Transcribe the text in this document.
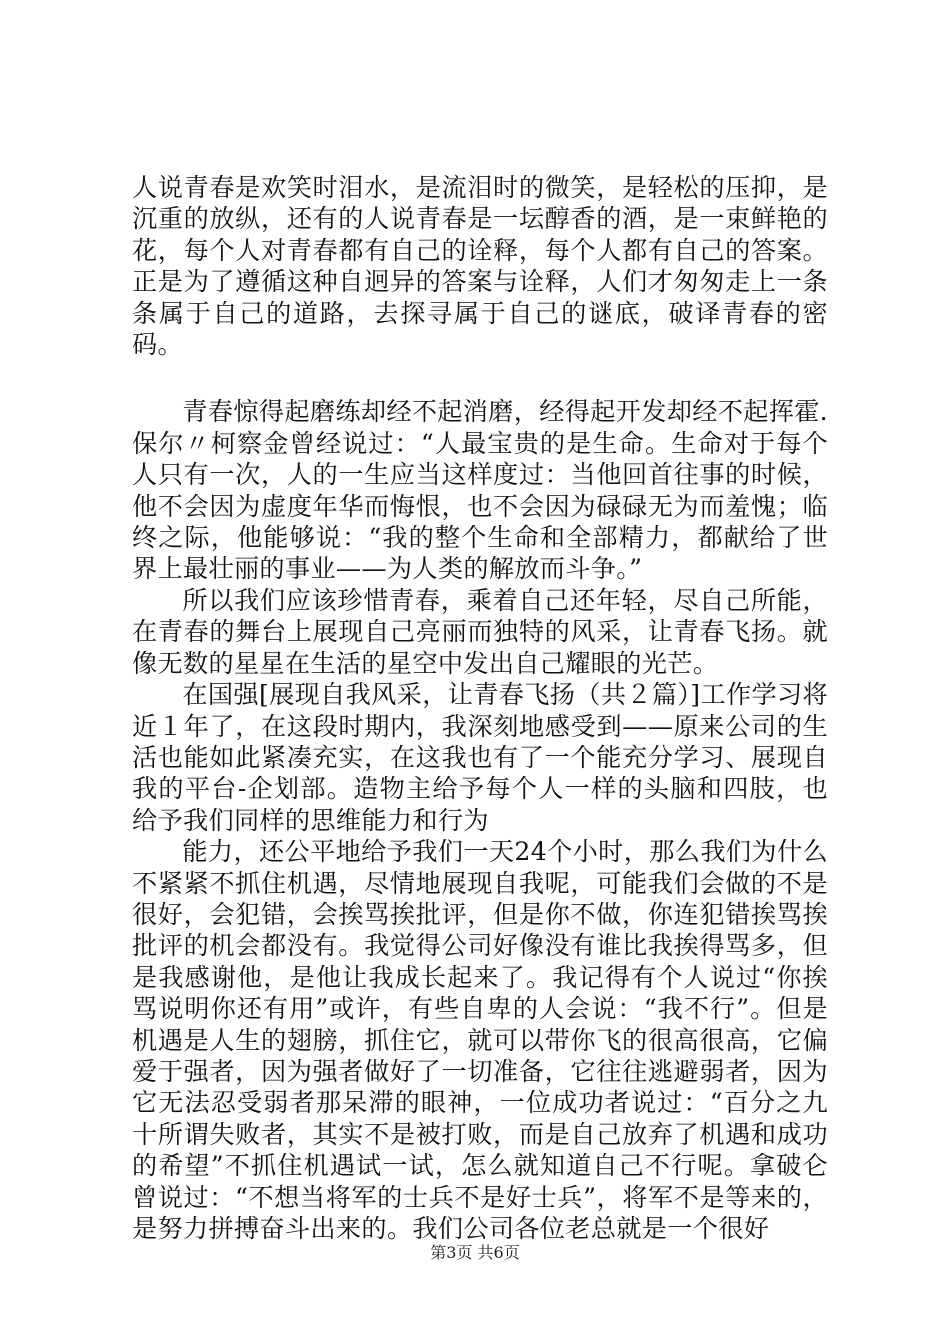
人说青春是欢笑时泪水，是流泪时的微笑，是轻松的压抑，是沉重的放纵，还有的人说青春是一坛醇香的酒，是一束鲜艳的花，每个人对青春都有自己的诠释，每个人都有自己的答案。正是为了遵循这种自迥异的答案与诠释，人们才匆匆走上一条条属于自己的道路，去探寻属于自己的谜底，破译青春的密码。

青春惊得起磨练却经不起消磨，经得起开发却经不起挥霍.保尔〃柯察金曾经说过：“人最宝贵的是生命。生命对于每个人只有一次，人的一生应当这样度过：当他回首往事的时候，他不会因为虚度年华而悔恨，也不会因为碌碌无为而羞愧；临终之际，他能够说：“我的整个生命和全部精力，都献给了世界上最壮丽的事业——为人类的解放而斗争。”

所以我们应该珍惜青春，乘着自己还年轻，尽自己所能，在青春的舞台上展现自己亮丽而独特的风采，让青春飞扬。就像无数的星星在生活的星空中发出自己耀眼的光芒。

在国强[展现自我风采，让青春飞扬（共２篇）]工作学习将近１年了，在这段时期内，我深刻地感受到——原来公司的生活也能如此紧凑充实，在这我也有了一个能充分学习、展现自我的平台-企划部。造物主给予每个人一样的头脑和四肢，也给予我们同样的思维能力和行为

能力，还公平地给予我们一天24个小时，那么我们为什么不紧紧不抓住机遇，尽情地展现自我呢，可能我们会做的不是很好，会犯错，会挨骂挨批评，但是你不做，你连犯错挨骂挨批评的机会都没有。我觉得公司好像没有谁比我挨得骂多，但是我感谢他，是他让我成长起来了。我记得有个人说过“你挨骂说明你还有用”或许，有些自卑的人会说：“我不行”。但是机遇是人生的翅膀，抓住它，就可以带你飞的很高很高，它偏爱于强者，因为强者做好了一切准备，它往往逃避弱者，因为它无法忍受弱者那呆滞的眼神，一位成功者说过：“百分之九十所谓失败者，其实不是被打败，而是自己放弃了机遇和成功的希望”不抓住机遇试一试，怎么就知道自己不行呢。拿破仑曾说过：“不想当将军的士兵不是好士兵”，将军不是等来的，是努力拼搏奋斗出来的。我们公司各位老总就是一个很好

第3页 共6页
